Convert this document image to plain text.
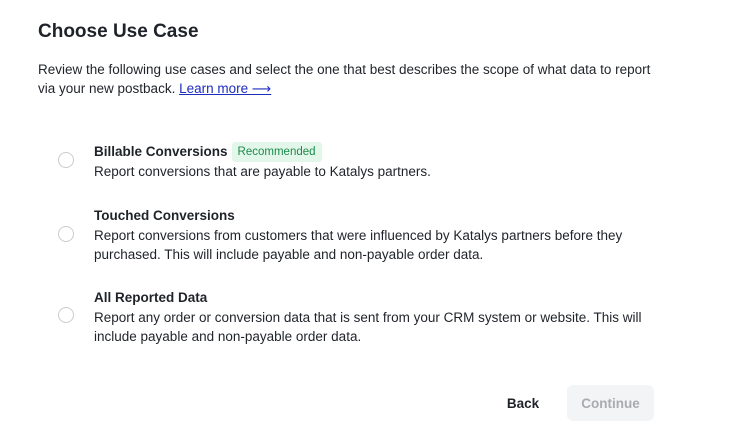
Choose Use Case

Review the following use cases and select the one that best describes the scope of what data to report via your new postback. Learn more ⟶

Billable Conversions Recommended
Report conversions that are payable to Katalys partners.
Touched Conversions
Report conversions from customers that were influenced by Katalys partners before they purchased. This will include payable and non-payable order data.
All Reported Data
Report any order or conversion data that is sent from your CRM system or website. This will include payable and non-payable order data.
Back	Continue
